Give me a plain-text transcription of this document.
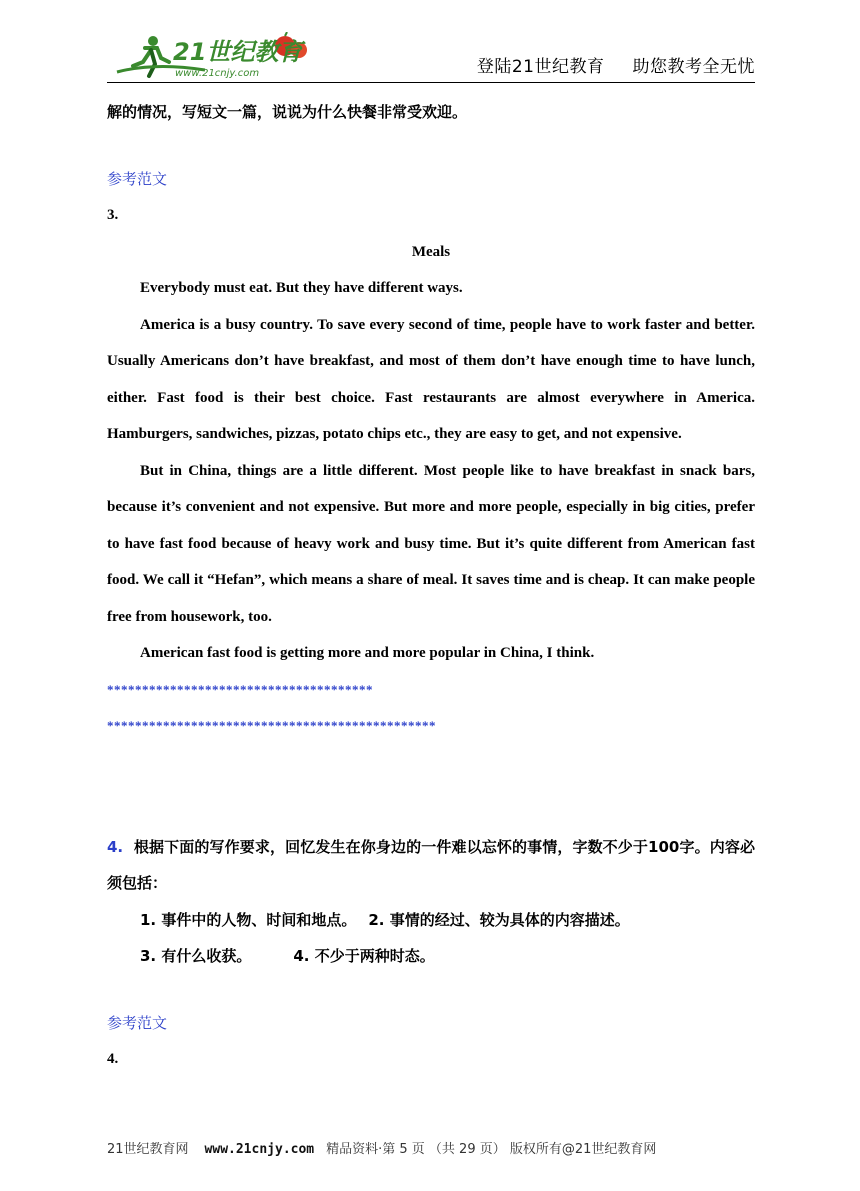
21世纪教育
www.21cnjy.com	登陆21世纪教育 助您教考全无忧

解的情况，写短文一篇，说说为什么快餐非常受欢迎。

参考范文

3.

Meals

Everybody must eat. But they have different ways.

America is a busy country. To save every second of time, people have to work faster and better. Usually Americans don’t have breakfast, and most of them don’t have enough time to have lunch, either. Fast food is their best choice. Fast restaurants are almost everywhere in America. Hamburgers, sandwiches, pizzas, potato chips etc., they are easy to get, and not expensive.

But in China, things are a little different. Most people like to have breakfast in snack bars, because it’s convenient and not expensive. But more and more people, especially in big cities, prefer to have fast food because of heavy work and busy time. But it’s quite different from American fast food. We call it “Hefan”, which means a share of meal. It saves time and is cheap. It can make people free from housework, too.

American fast food is getting more and more popular in China, I think.

**************************************

***********************************************

4. 根据下面的写作要求，回忆发生在你身边的一件难以忘怀的事情，字数不少于100字。内容必须包括：

1. 事件中的人物、时间和地点。 2. 事情的经过、较为具体的内容描述。

3. 有什么收获。	4. 不少于两种时态。

参考范文

4.

21世纪教育网 www.21cnjy.com 精品资料·第 5 页 （共 29 页） 版权所有@21世纪教育网
